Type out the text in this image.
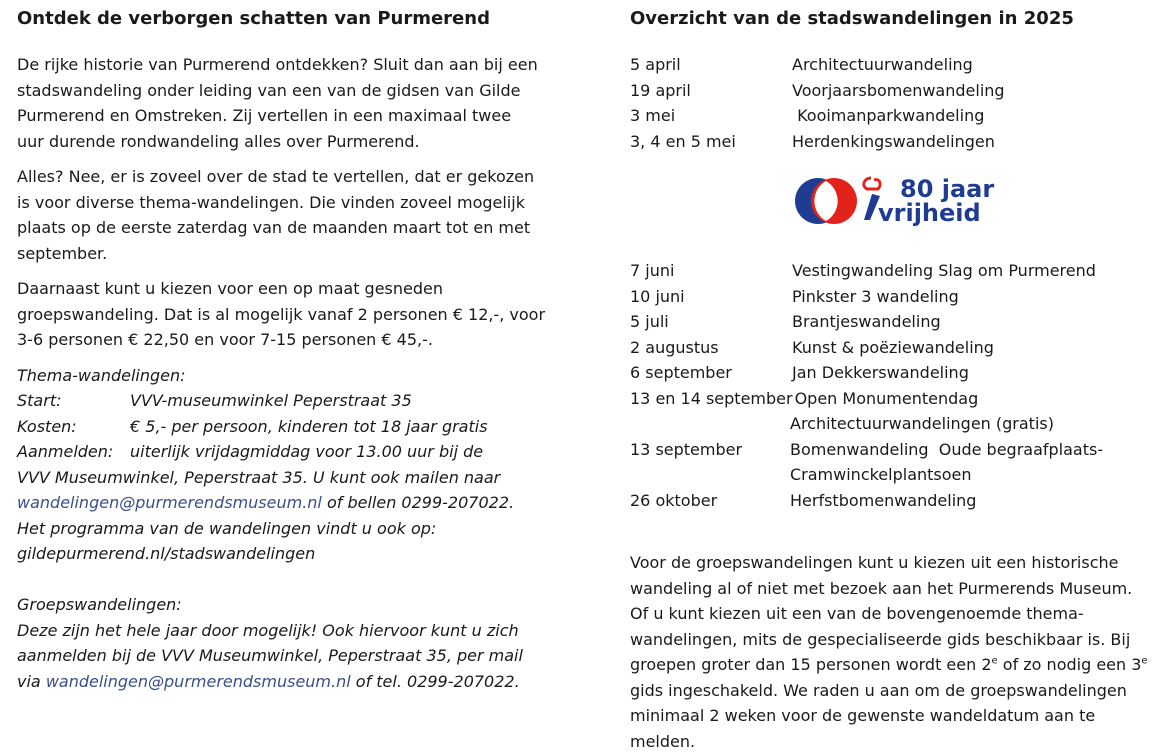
Ontdek de verborgen schatten van Purmerend

De rijke historie van Purmerend ontdekken? Sluit dan aan bij een
stadswandeling onder leiding van een van de gidsen van Gilde
Purmerend en Omstreken. Zij vertellen in een maximaal twee
uur durende rondwandeling alles over Purmerend.

Alles? Nee, er is zoveel over de stad te vertellen, dat er gekozen
is voor diverse thema-wandelingen. Die vinden zoveel mogelijk
plaats op de eerste zaterdag van de maanden maart tot en met
september.

Daarnaast kunt u kiezen voor een op maat gesneden
groepswandeling. Dat is al mogelijk vanaf 2 personen € 12,-, voor
3-6 personen € 22,50 en voor 7-15 personen € 45,-.

Thema-wandelingen:
Start:	VVV-museumwinkel Peperstraat 35
Kosten:	€ 5,- per persoon, kinderen tot 18 jaar gratis
Aanmelden: uiterlijk vrijdagmiddag voor 13.00 uur bij de
VVV Museumwinkel, Peperstraat 35. U kunt ook mailen naar
wandelingen@purmerendsmuseum.nl of bellen 0299-207022.
Het programma van de wandelingen vindt u ook op:
gildepurmerend.nl/stadswandelingen
Groepswandelingen:
Deze zijn het hele jaar door mogelijk! Ook hiervoor kunt u zich
aanmelden bij de VVV Museumwinkel, Peperstraat 35, per mail
via wandelingen@purmerendsmuseum.nl of tel. 0299-207022.
Overzicht van de stadswandelingen in 2025
5 april	Architectuurwandeling
19 april	Voorjaarsbomenwandeling
3 mei	Kooimanparkwandeling
3, 4 en 5 mei	Herdenkingswandelingen
80 jaar
vrijheid
7 juni	Vestingwandeling Slag om Purmerend
10 juni	Pinkster 3 wandeling
5 juli	Brantjeswandeling
2 augustus	Kunst & poëziewandeling
6 september	Jan Dekkerswandeling
13 en 14 september Open Monumentendag
Architectuurwandelingen (gratis)
13 september	Bomenwandeling  Oude begraafplaats-
Cramwinckelplantsoen
26 oktober	Herfstbomenwandeling
Voor de groepswandelingen kunt u kiezen uit een historische
wandeling al of niet met bezoek aan het Purmerends Museum.
Of u kunt kiezen uit een van de bovengenoemde thema-
wandelingen, mits de gespecialiseerde gids beschikbaar is. Bij
groepen groter dan 15 personen wordt een 2e of zo nodig een 3e
gids ingeschakeld. We raden u aan om de groepswandelingen
minimaal 2 weken voor de gewenste wandeldatum aan te
melden.
